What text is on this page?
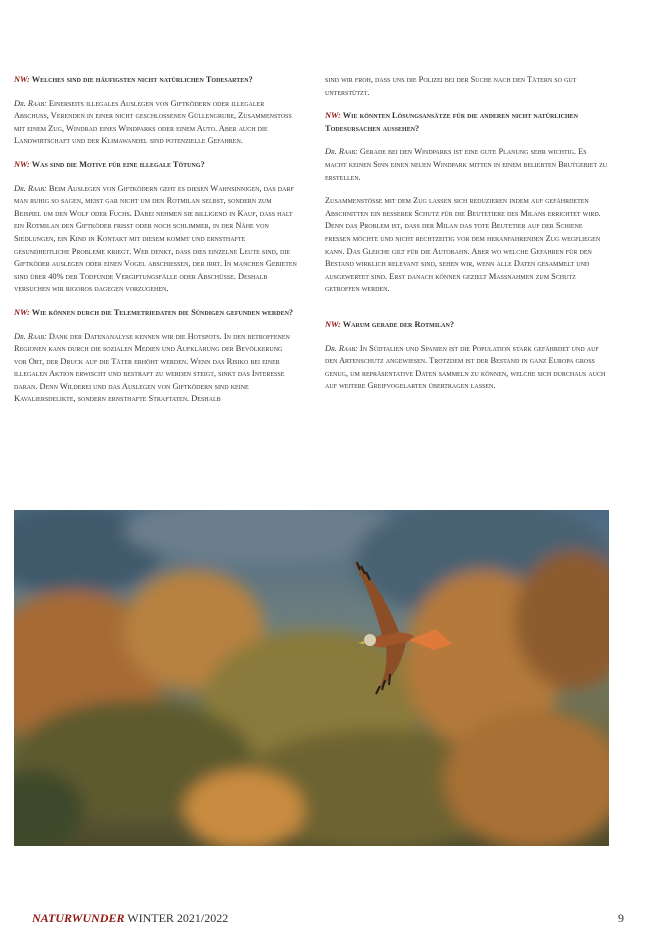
NW: Welches sind die häufigsten nicht natürlichen Todesarten?

Dr. Raab: Einerseits illegales Auslegen von Giftködern oder illegaler Abschuss, Verenden in einer nicht geschlossenen Güllengrube, Zusammenstoss mit einem Zug, Windrad eines Windparks oder einem Auto. Aber auch die Landwirtschaft und der Klimawandel sind potenzielle Gefahren.

NW: Was sind die Motive für eine illegale Tötung?

Dr. Raab: Beim Auslegen von Giftködern geht es diesen Wahnsinnigen, das darf man ruhig so sagen, meist gar nicht um den Rotmilan selbst, sondern zum Beispiel um den Wolf oder Fuchs. Dabei nehmen sie billigend in Kauf, dass halt ein Rotmilan den Giftköder frisst oder noch schlimmer, in der Nähe von Siedlungen, ein Kind in Kontakt mit diesem kommt und ernsthafte gesundheitliche Probleme kriegt. Wer denkt, dass dies einzelne Leute sind, die Giftköder auslegen oder einen Vogel abschiessen, der irrt. In manchen Gebieten sind über 40% der Todfunde Vergiftungsfälle oder Abschüsse. Deshalb versuchen wir rigoros dagegen vorzugehen.

NW: Wie können durch die Telemetriedaten die Sündigen gefunden werden?

Dr. Raab: Dank der Datenanalyse kennen wir die Hotspots. In den betroffenen Regionen kann durch die sozialen Medien und Aufklärung der Bevölkerung vor Ort, der Druck auf die Täter erhöht werden. Wenn das Risiko bei einer illegalen Aktion erwischt und bestraft zu werden steigt, sinkt das Interesse daran. Denn Wilderei und das Auslegen von Giftködern sind keine Kavaliersdelikte, sondern ernsthafte Straftaten. Deshalb

sind wir froh, dass uns die Polizei bei der Suche nach den Tätern so gut unterstützt.

NW: Wie könnten Lösungsansätze für die anderen nicht natürlichen Todesursachen aussehen?

Dr. Raab: Gerade bei den Windparks ist eine gute Planung sehr wichtig. Es macht keinen Sinn einen neuen Windpark mitten in einem beliebten Brutgebiet zu erstellen.

Zusammenstösse mit dem Zug lassen sich reduzieren indem auf gefährdeten Abschnitten ein besserer Schutz für die Beutetiere des Milans errichtet wird. Denn das Problem ist, dass der Milan das tote Beutetier auf der Schiene fressen möchte und nicht rechtzeitig vor dem heranfahrenden Zug wegfliegen kann. Das Gleiche gilt für die Autobahn. Aber wo welche Gefahren für den Bestand wirklich relevant sind, sehen wir, wenn alle Daten gesammelt und ausgewertet sind. Erst danach können gezielt Massnahmen zum Schutz getroffen werden.

NW: Warum gerade der Rotmilan?

Dr. Raab: In Südtalien und Spanien ist die Population stark gefährdet und auf den Artenschutz angewiesen. Trotzdem ist der Bestand in ganz Europa gross genug, um repräsentative Daten sammeln zu können, welche sich durchaus auch auf weitere Greifvogelarten übertragen lassen.

NATURWUNDER WINTER 2021/2022	9
